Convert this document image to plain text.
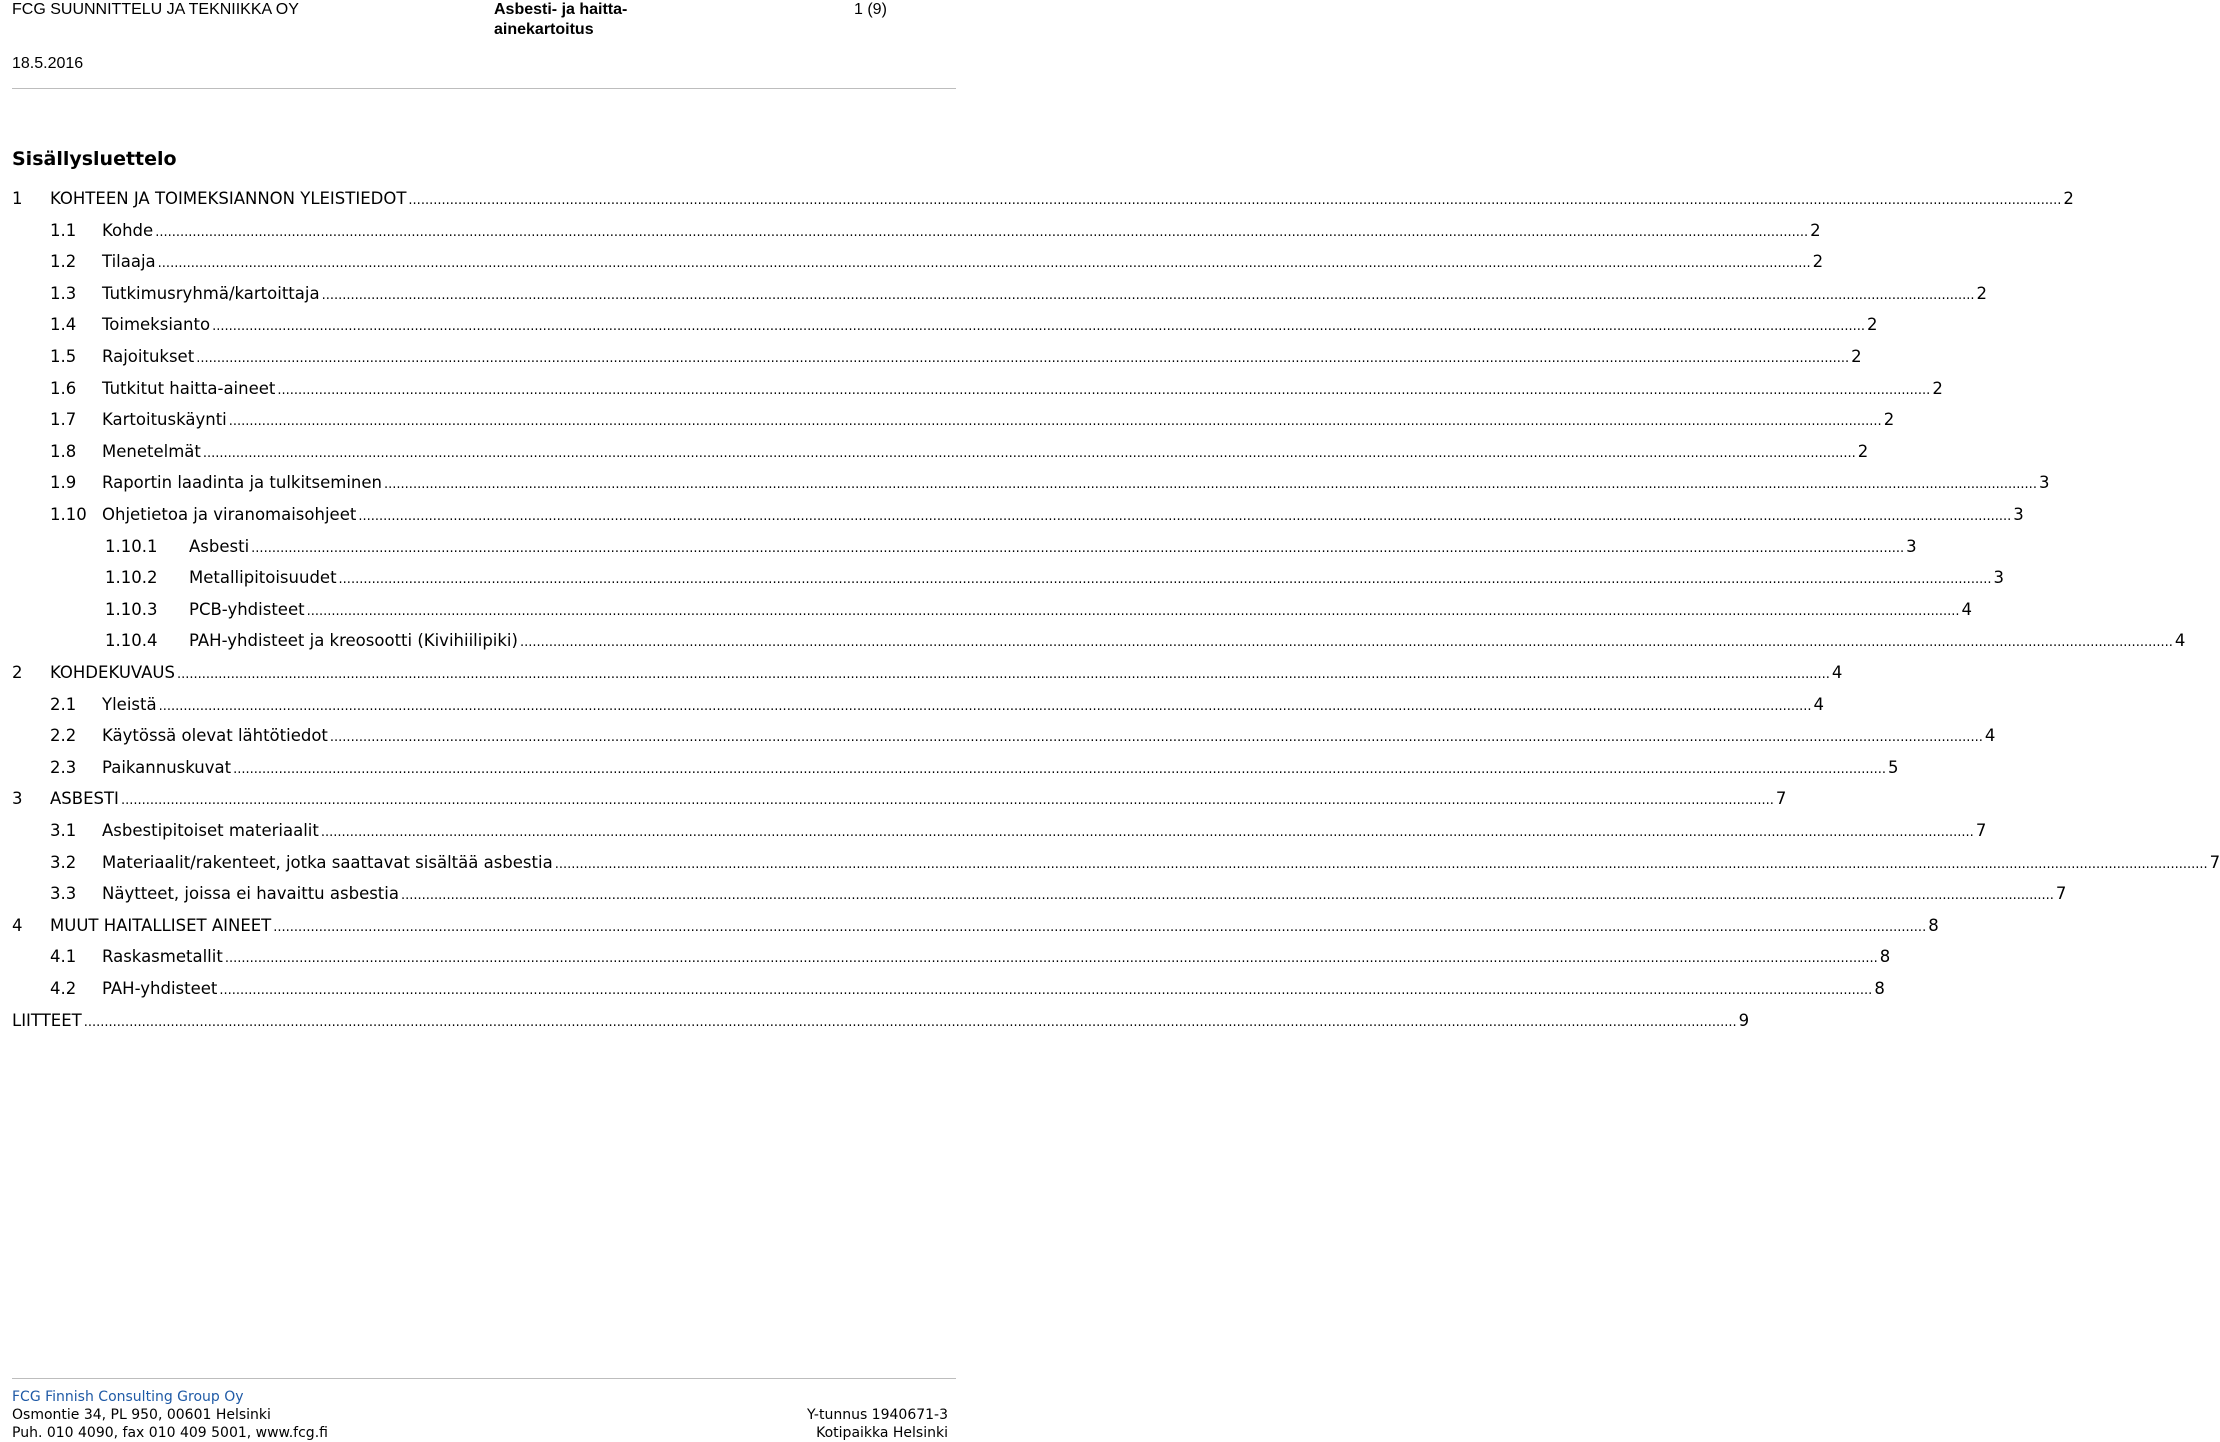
FCG SUUNNITTELU JA TEKNIIKKA OY	Asbesti- ja haitta-ainekartoitus
1 (9)
18.5.2016
Sisällysluettelo
1	KOHTEEN JA TOIMEKSIANNON YLEISTIEDOT ................................................................................................................................................................................................................................................................................................................................................................................................................ 2
1.1	Kohde ................................................................................................................................................................................................................................................................................................................................................................................................................ 2
1.2	Tilaaja ................................................................................................................................................................................................................................................................................................................................................................................................................ 2
1.3	Tutkimusryhmä/kartoittaja ................................................................................................................................................................................................................................................................................................................................................................................................................ 2
1.4	Toimeksianto ................................................................................................................................................................................................................................................................................................................................................................................................................ 2
1.5	Rajoitukset ................................................................................................................................................................................................................................................................................................................................................................................................................ 2
1.6	Tutkitut haitta-aineet ................................................................................................................................................................................................................................................................................................................................................................................................................ 2
1.7	Kartoituskäynti ................................................................................................................................................................................................................................................................................................................................................................................................................ 2
1.8	Menetelmät ................................................................................................................................................................................................................................................................................................................................................................................................................ 2
1.9	Raportin laadinta ja tulkitseminen ................................................................................................................................................................................................................................................................................................................................................................................................................ 3
1.10 Ohjetietoa ja viranomaisohjeet ................................................................................................................................................................................................................................................................................................................................................................................................................ 3
1.10.1	Asbesti ................................................................................................................................................................................................................................................................................................................................................................................................................ 3
1.10.2	Metallipitoisuudet ................................................................................................................................................................................................................................................................................................................................................................................................................ 3
1.10.3	PCB-yhdisteet ................................................................................................................................................................................................................................................................................................................................................................................................................ 4
1.10.4	PAH-yhdisteet ja kreosootti (Kivihiilipiki) ................................................................................................................................................................................................................................................................................................................................................................................................................ 4
2	KOHDEKUVAUS ................................................................................................................................................................................................................................................................................................................................................................................................................ 4
2.1	Yleistä ................................................................................................................................................................................................................................................................................................................................................................................................................ 4
2.2	Käytössä olevat lähtötiedot ................................................................................................................................................................................................................................................................................................................................................................................................................ 4
2.3	Paikannuskuvat ................................................................................................................................................................................................................................................................................................................................................................................................................ 5
3	ASBESTI ................................................................................................................................................................................................................................................................................................................................................................................................................ 7
3.1	Asbestipitoiset materiaalit ................................................................................................................................................................................................................................................................................................................................................................................................................ 7
3.2	Materiaalit/rakenteet, jotka saattavat sisältää asbestia ................................................................................................................................................................................................................................................................................................................................................................................................................ 7
3.3	Näytteet, joissa ei havaittu asbestia ................................................................................................................................................................................................................................................................................................................................................................................................................ 7
4	MUUT HAITALLISET AINEET ................................................................................................................................................................................................................................................................................................................................................................................................................ 8
4.1	Raskasmetallit ................................................................................................................................................................................................................................................................................................................................................................................................................ 8
4.2	PAH-yhdisteet ................................................................................................................................................................................................................................................................................................................................................................................................................ 8
LIITTEET ................................................................................................................................................................................................................................................................................................................................................................................................................ 9
FCG Finnish Consulting Group Oy
Osmontie 34, PL 950, 00601 Helsinki
Puh. 010 4090, fax 010 409 5001, www.fcg.fi
Y-tunnus 1940671-3
Kotipaikka Helsinki
